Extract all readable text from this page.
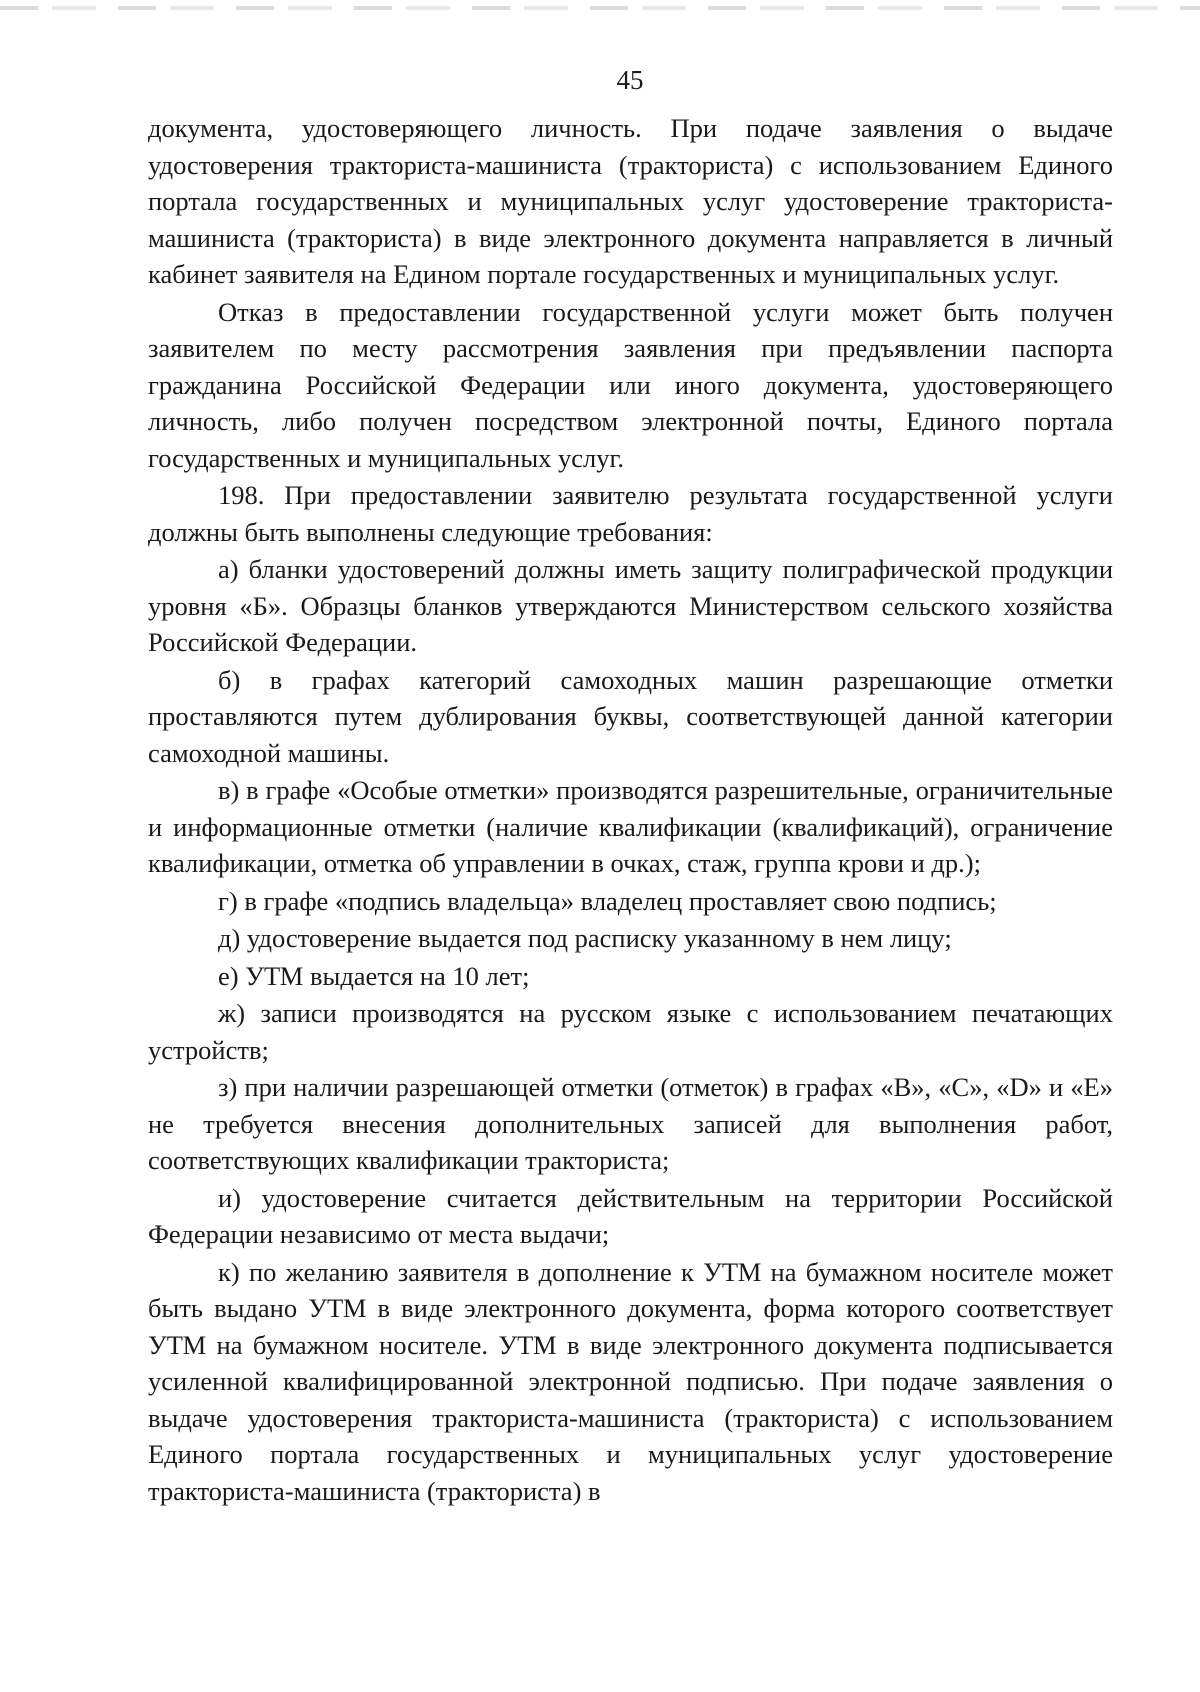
45

документа, удостоверяющего личность. При подаче заявления о выдаче удостоверения тракториста-машиниста (тракториста) с использованием Единого портала государственных и муниципальных услуг удостоверение тракториста-машиниста (тракториста) в виде электронного документа направляется в личный кабинет заявителя на Едином портале государственных и муниципальных услуг.

Отказ в предоставлении государственной услуги может быть получен заявителем по месту рассмотрения заявления при предъявлении паспорта гражданина Российской Федерации или иного документа, удостоверяющего личность, либо получен посредством электронной почты, Единого портала государственных и муниципальных услуг.

198. При предоставлении заявителю результата государственной услуги должны быть выполнены следующие требования:

а) бланки удостоверений должны иметь защиту полиграфической продукции уровня «Б». Образцы бланков утверждаются Министерством сельского хозяйства Российской Федерации.

б) в графах категорий самоходных машин разрешающие отметки проставляются путем дублирования буквы, соответствующей данной категории самоходной машины.

в) в графе «Особые отметки» производятся разрешительные, ограничительные и информационные отметки (наличие квалификации (квалификаций), ограничение квалификации, отметка об управлении в очках, стаж, группа крови и др.);

г) в графе «подпись владельца» владелец проставляет свою подпись;

д) удостоверение выдается под расписку указанному в нем лицу;

е) УТМ выдается на 10 лет;

ж) записи производятся на русском языке с использованием печатающих устройств;

з) при наличии разрешающей отметки (отметок) в графах «В», «С», «D» и «Е» не требуется внесения дополнительных записей для выполнения работ, соответствующих квалификации тракториста;

и) удостоверение считается действительным на территории Российской Федерации независимо от места выдачи;

к) по желанию заявителя в дополнение к УТМ на бумажном носителе может быть выдано УТМ в виде электронного документа, форма которого соответствует УТМ на бумажном носителе. УТМ в виде электронного документа подписывается усиленной квалифицированной электронной подписью. При подаче заявления о выдаче удостоверения тракториста-машиниста (тракториста) с использованием Единого портала государственных и муниципальных услуг удостоверение тракториста-машиниста (тракториста) в
